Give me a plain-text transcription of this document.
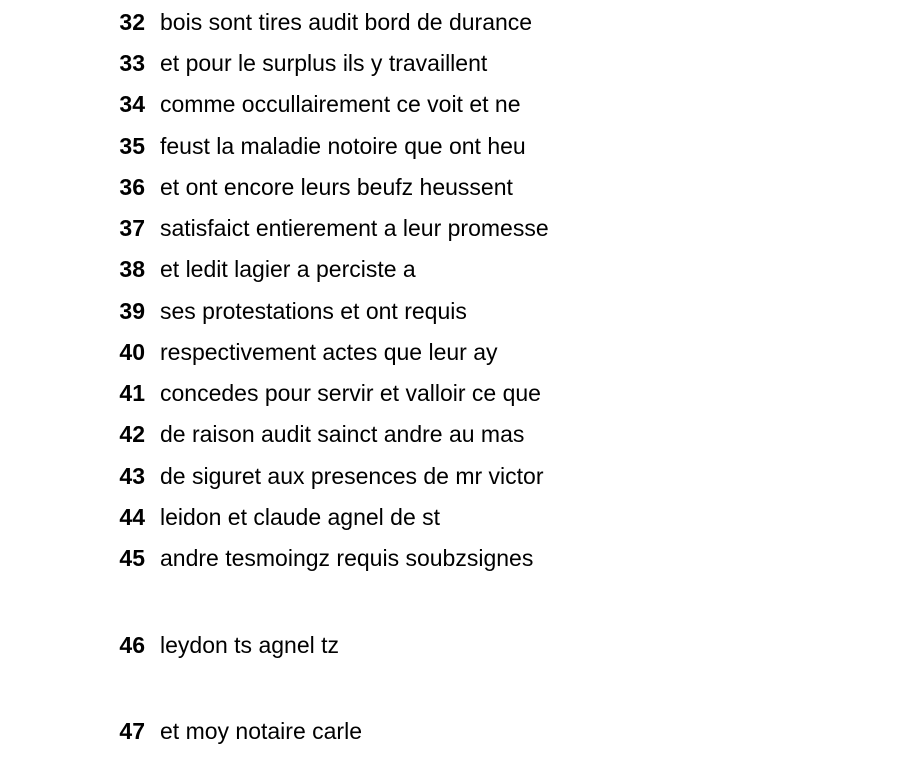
32 bois sont tires audit bord de durance
33 et pour le surplus ils y travaillent
34 comme occullairement ce voit et ne
35 feust la maladie notoire que ont heu
36 et ont encore leurs beufz heussent
37 satisfaict entierement a leur promesse
38 et ledit lagier a perciste a
39 ses protestations et ont requis
40 respectivement actes que leur ay
41 concedes pour servir et valloir ce que
42 de raison audit sainct andre au mas
43 de siguret aux presences de mr victor
44 leidon et claude agnel de st
45 andre tesmoingz requis soubzsignes
46 leydon ts agnel tz
47 et moy notaire carle
